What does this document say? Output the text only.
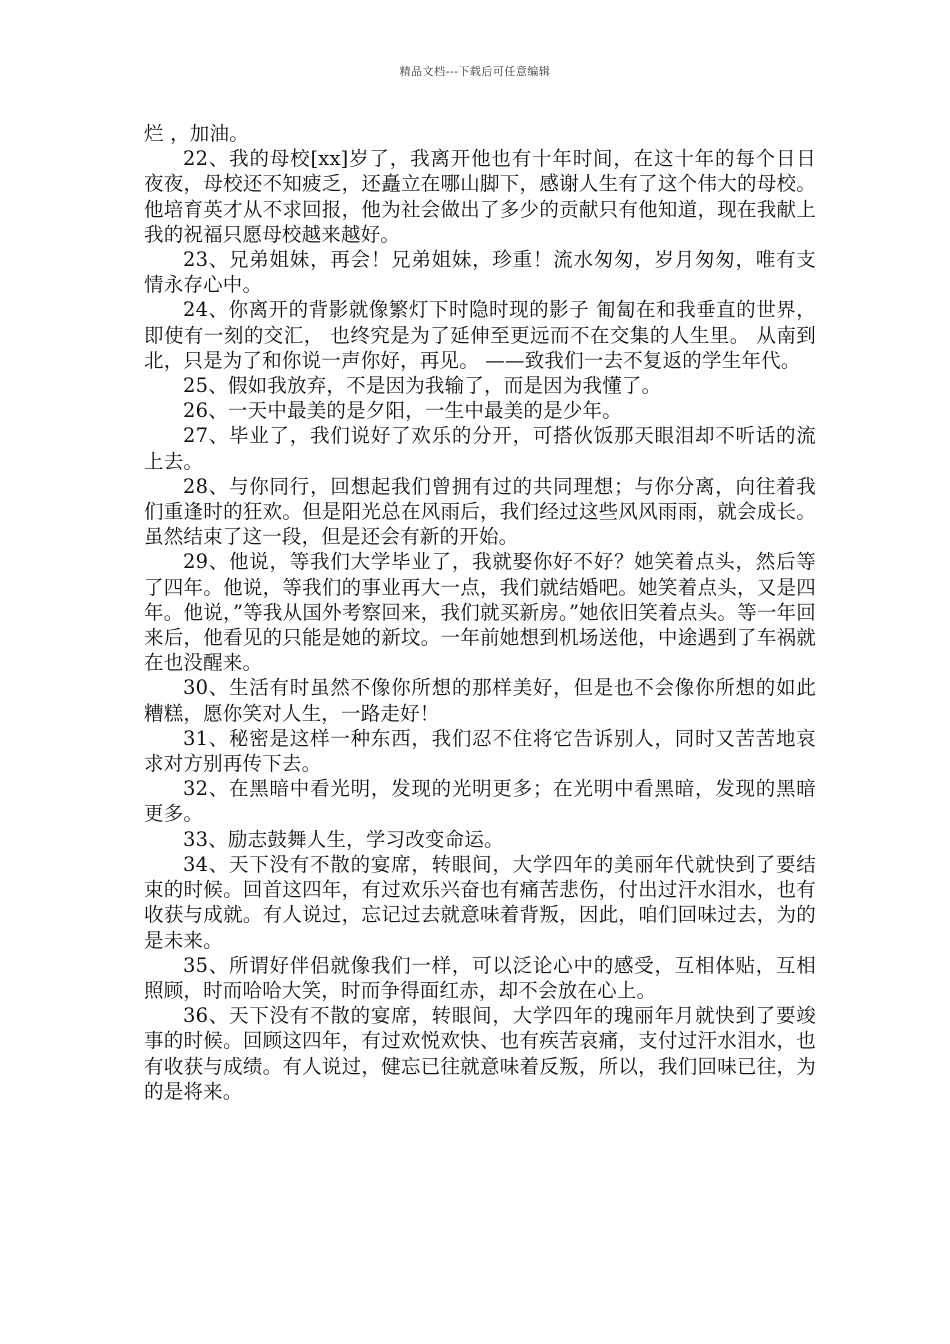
精品文档---下载后可任意编辑

烂 ，加油。

22、我的母校[xx]岁了，我离开他也有十年时间，在这十年的每个日日夜夜，母校还不知疲乏，还矗立在哪山脚下，感谢人生有了这个伟大的母校。他培育英才从不求回报，他为社会做出了多少的贡献只有他知道，现在我献上我的祝福只愿母校越来越好。

23、兄弟姐妹，再会！兄弟姐妹，珍重！流水匆匆，岁月匆匆，唯有支情永存心中。

24、你离开的背影就像繁灯下时隐时现的影子 匍匐在和我垂直的世界， 即使有一刻的交汇， 也终究是为了延伸至更远而不在交集的人生里。 从南到北，只是为了和你说一声你好，再见。 ——致我们一去不复返的学生年代。

25、假如我放弃，不是因为我输了，而是因为我懂了。

26、一天中最美的是夕阳，一生中最美的是少年。

27、毕业了，我们说好了欢乐的分开，可搭伙饭那天眼泪却不听话的流上去。

28、与你同行，回想起我们曾拥有过的共同理想；与你分离，向往着我们重逢时的狂欢。但是阳光总在风雨后，我们经过这些风风雨雨，就会成长。虽然结束了这一段，但是还会有新的开始。

29、他说，等我们大学毕业了，我就娶你好不好？她笑着点头，然后等了四年。他说，等我们的事业再大一点，我们就结婚吧。她笑着点头，又是四年。他说，”等我从国外考察回来，我们就买新房。”她依旧笑着点头。等一年回来后，他看见的只能是她的新坟。一年前她想到机场送他，中途遇到了车祸就在也没醒来。

30、生活有时虽然不像你所想的那样美好，但是也不会像你所想的如此糟糕，愿你笑对人生，一路走好！

31、秘密是这样一种东西，我们忍不住将它告诉别人，同时又苦苦地哀求对方别再传下去。

32、在黑暗中看光明，发现的光明更多；在光明中看黑暗，发现的黑暗更多。

33、励志鼓舞人生，学习改变命运。

34、天下没有不散的宴席，转眼间，大学四年的美丽年代就快到了要结束的时候。回首这四年，有过欢乐兴奋也有痛苦悲伤，付出过汗水泪水，也有收获与成就。有人说过，忘记过去就意味着背叛，因此，咱们回味过去，为的是未来。

35、所谓好伴侣就像我们一样，可以泛论心中的感受，互相体贴，互相照顾，时而哈哈大笑，时而争得面红赤，却不会放在心上。

36、天下没有不散的宴席，转眼间，大学四年的瑰丽年月就快到了要竣事的时候。回顾这四年，有过欢悦欢快、也有疾苦哀痛，支付过汗水泪水，也有收获与成绩。有人说过，健忘已往就意味着反叛，所以，我们回味已往，为的是将来。
